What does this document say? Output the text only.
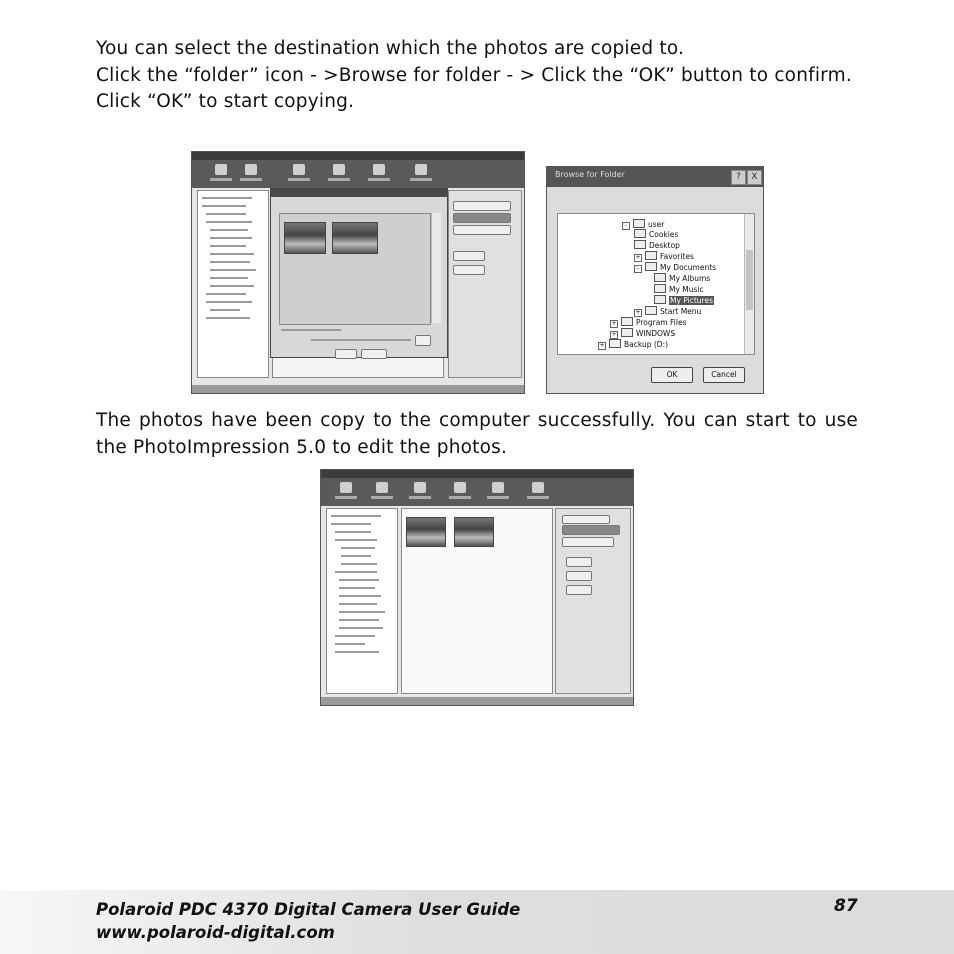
You can select the destination which the photos are copied to.

Click the “folder” icon - >Browse for folder - > Click the “OK” button to confirm.

Click “OK” to start copying.

Browse for Folder	?	X
-	user
Cookies
Desktop
+	Favorites
-	My Documents
My Albums
My Music
My Pictures
+	Start Menu
+	Program Files
+	WINDOWS
+	Backup (D:)
OK	Cancel

The photos have been copy to the computer successfully. You can start to use the PhotoImpression 5.0 to edit the photos.

Polaroid PDC 4370 Digital Camera User Guide
www.polaroid-digital.com
87
